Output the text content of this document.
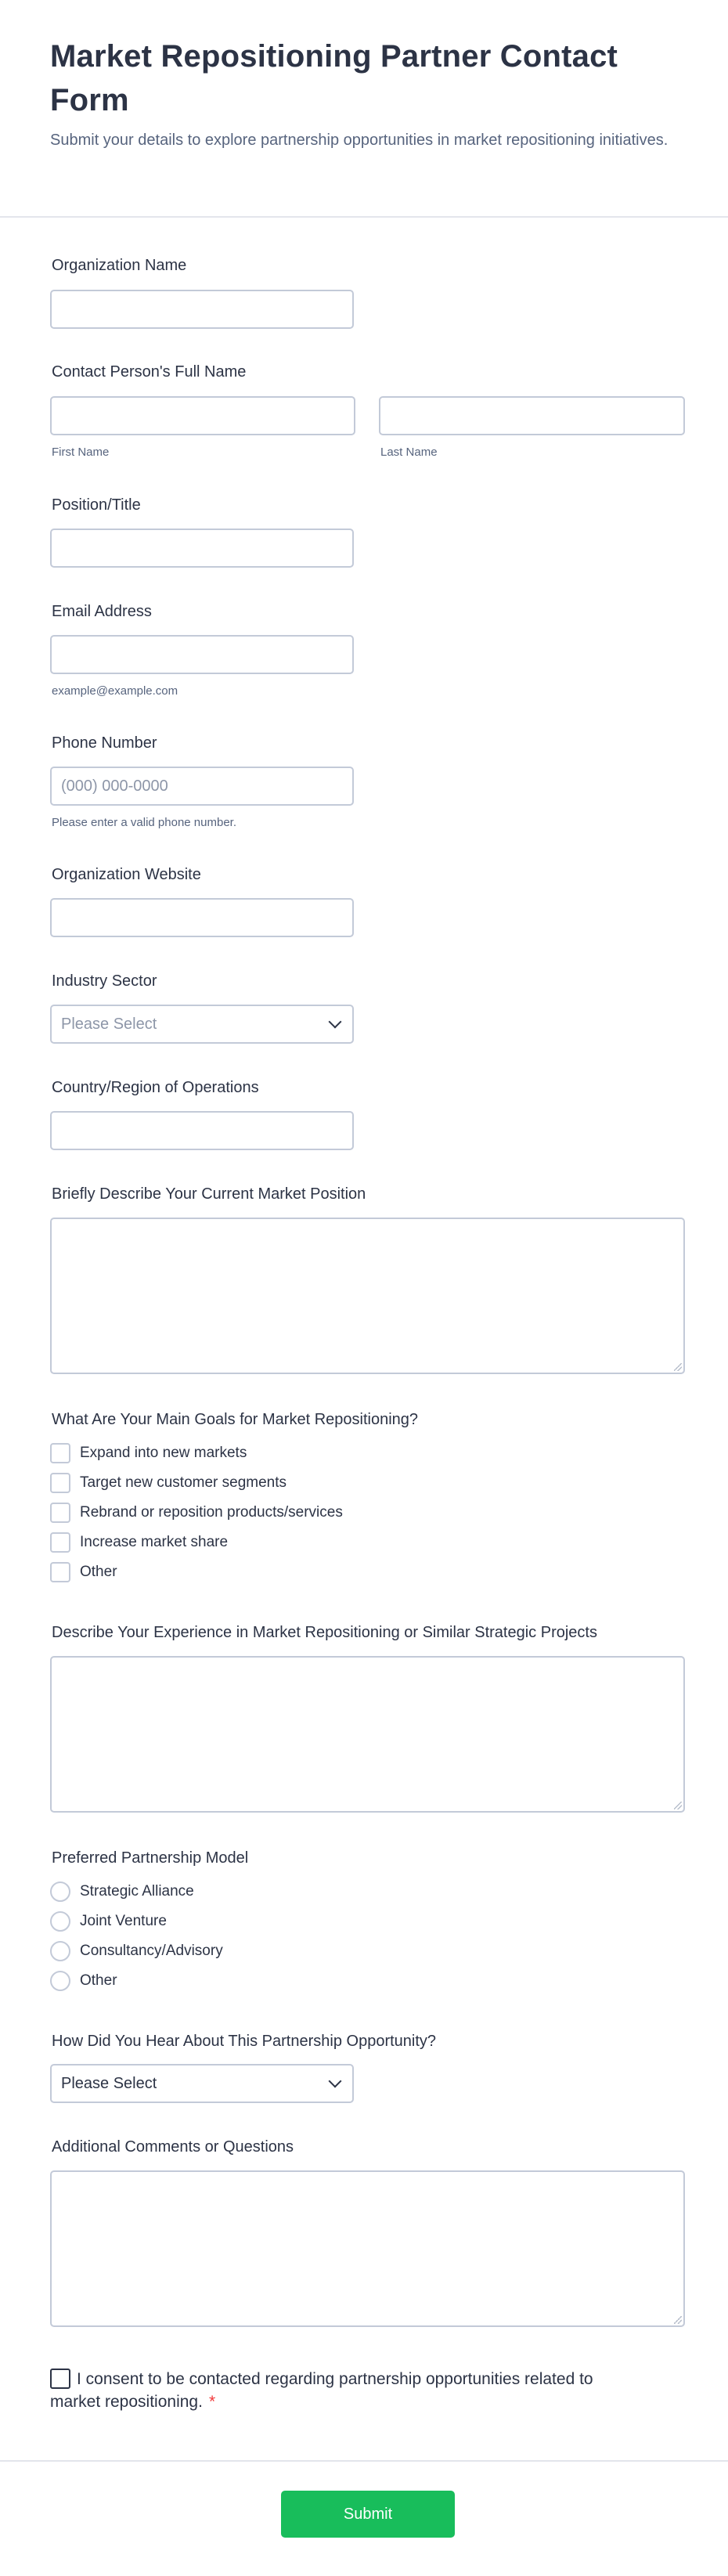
Market Repositioning Partner Contact Form
Submit your details to explore partnership opportunities in market repositioning initiatives.
Organization Name
Contact Person's Full Name
First Name	Last Name
Position/Title
Email Address
example@example.com
Phone Number
(000) 000-0000
Please enter a valid phone number.
Organization Website
Industry Sector
Please Select
Country/Region of Operations
Briefly Describe Your Current Market Position
What Are Your Main Goals for Market Repositioning?
Expand into new markets
Target new customer segments
Rebrand or reposition products/services
Increase market share
Other
Describe Your Experience in Market Repositioning or Similar Strategic Projects
Preferred Partnership Model
Strategic Alliance
Joint Venture
Consultancy/Advisory
Other
How Did You Hear About This Partnership Opportunity?
Please Select
Additional Comments or Questions
I consent to be contacted regarding partnership opportunities related to market repositioning. *
Submit
